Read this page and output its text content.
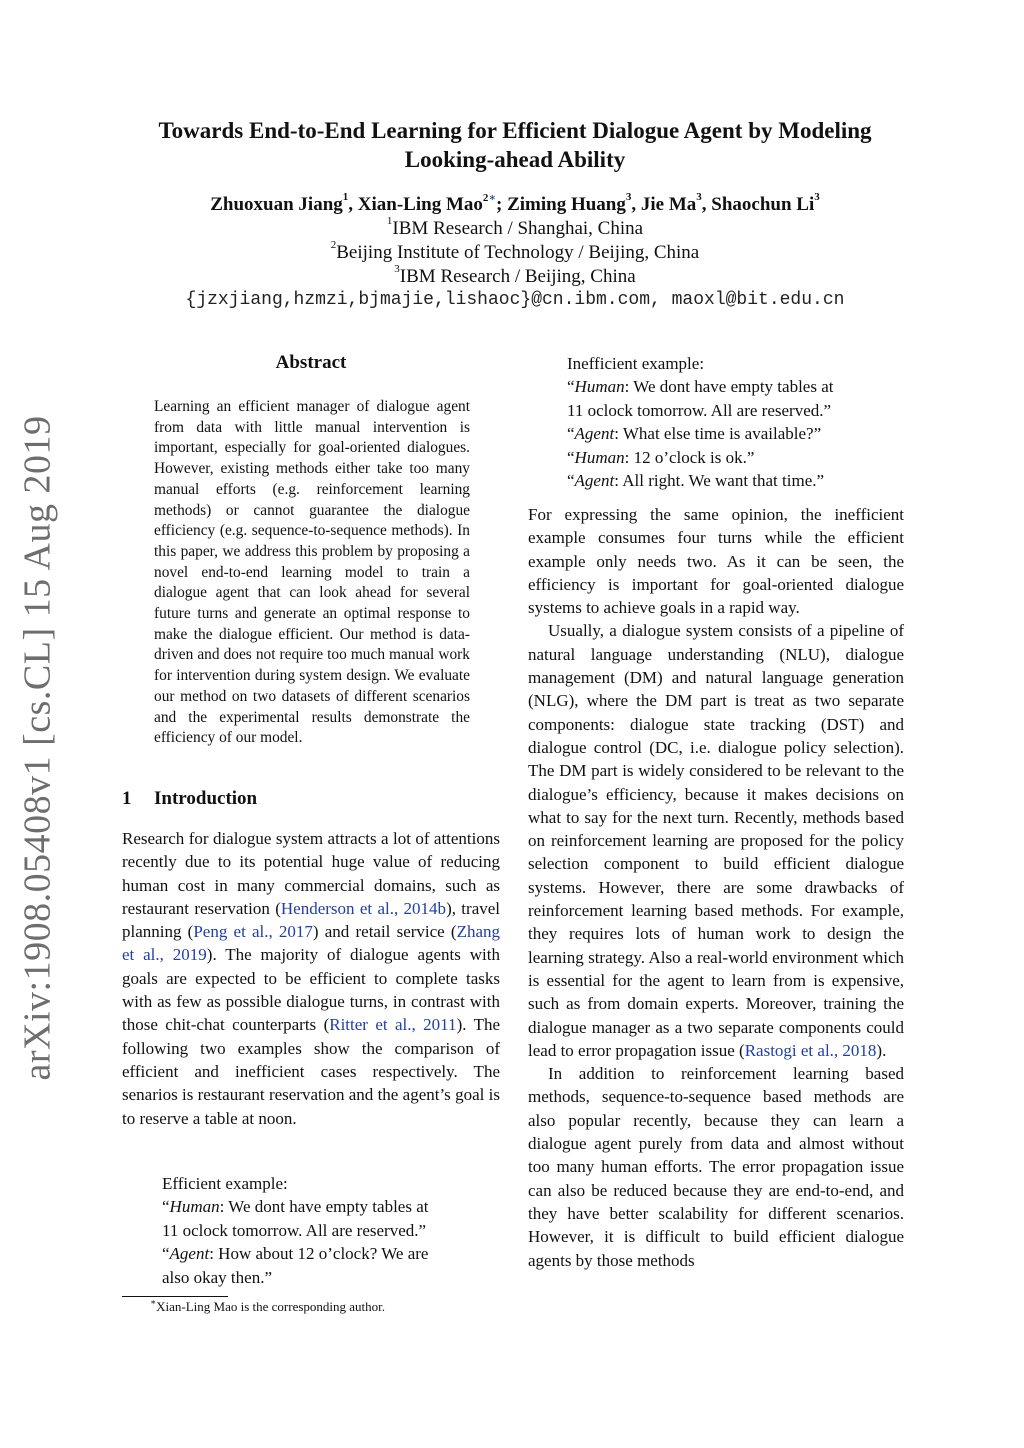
arXiv:1908.05408v1 [cs.CL] 15 Aug 2019
Towards End-to-End Learning for Efficient Dialogue Agent by Modeling
Looking-ahead Ability
Zhuoxuan Jiang$^1$, Xian-Ling Mao$^{2∗}$; Ziming Huang$^3$, Jie Ma$^3$, Shaochun Li$^3$
$^1$IBM Research / Shanghai, China
$^2$Beijing Institute of Technology / Beijing, China
$^3$IBM Research / Beijing, China
{jzxjiang,hzmzi,bjmajie,lishaoc}@cn.ibm.com, maoxl@bit.edu.cn
Abstract
Learning an efficient manager of dialogue agent from data with little manual intervention is important, especially for goal-oriented dialogues. However, existing methods either take too many manual efforts (e.g. reinforcement learning methods) or cannot guarantee the dialogue efficiency (e.g. sequence-to-sequence methods). In this paper, we address this problem by proposing a novel end-to-end learning model to train a dialogue agent that can look ahead for several future turns and generate an optimal response to make the dialogue efficient. Our method is data-driven and does not require too much manual work for intervention during system design. We evaluate our method on two datasets of different scenarios and the experimental results demonstrate the efficiency of our model.
1 Introduction

Research for dialogue system attracts a lot of attentions recently due to its potential huge value of reducing human cost in many commercial domains, such as restaurant reservation (Henderson et al., 2014b), travel planning (Peng et al., 2017) and retail service (Zhang et al., 2019). The majority of dialogue agents with goals are expected to be efficient to complete tasks with as few as possible dialogue turns, in contrast with those chit-chat counterparts (Ritter et al., 2011). The following two examples show the comparison of efficient and inefficient cases respectively. The senarios is restaurant reservation and the agent’s goal is to reserve a table at noon.

Efficient example:
“Human: We dont have empty tables at
11 oclock tomorrow. All are reserved.”
“Agent: How about 12 o’clock? We are
also okay then.”
∗Xian-Ling Mao is the corresponding author.
Inefficient example:
“Human: We dont have empty tables at
11 oclock tomorrow. All are reserved.”
“Agent: What else time is available?”
“Human: 12 o’clock is ok.”
“Agent: All right. We want that time.”

For expressing the same opinion, the inefficient example consumes four turns while the efficient example only needs two. As it can be seen, the efficiency is important for goal-oriented dialogue systems to achieve goals in a rapid way.

Usually, a dialogue system consists of a pipeline of natural language understanding (NLU), dialogue management (DM) and natural language generation (NLG), where the DM part is treat as two separate components: dialogue state tracking (DST) and dialogue control (DC, i.e. dialogue policy selection). The DM part is widely considered to be relevant to the dialogue’s efficiency, because it makes decisions on what to say for the next turn. Recently, methods based on reinforcement learning are proposed for the policy selection component to build efficient dialogue systems. However, there are some drawbacks of reinforcement learning based methods. For example, they requires lots of human work to design the learning strategy. Also a real-world environment which is essential for the agent to learn from is expensive, such as from domain experts. Moreover, training the dialogue manager as a two separate components could lead to error propagation issue (Rastogi et al., 2018).

In addition to reinforcement learning based methods, sequence-to-sequence based methods are also popular recently, because they can learn a dialogue agent purely from data and almost without too many human efforts. The error propagation issue can also be reduced because they are end-to-end, and they have better scalability for different scenarios. However, it is difficult to build efficient dialogue agents by those methods
